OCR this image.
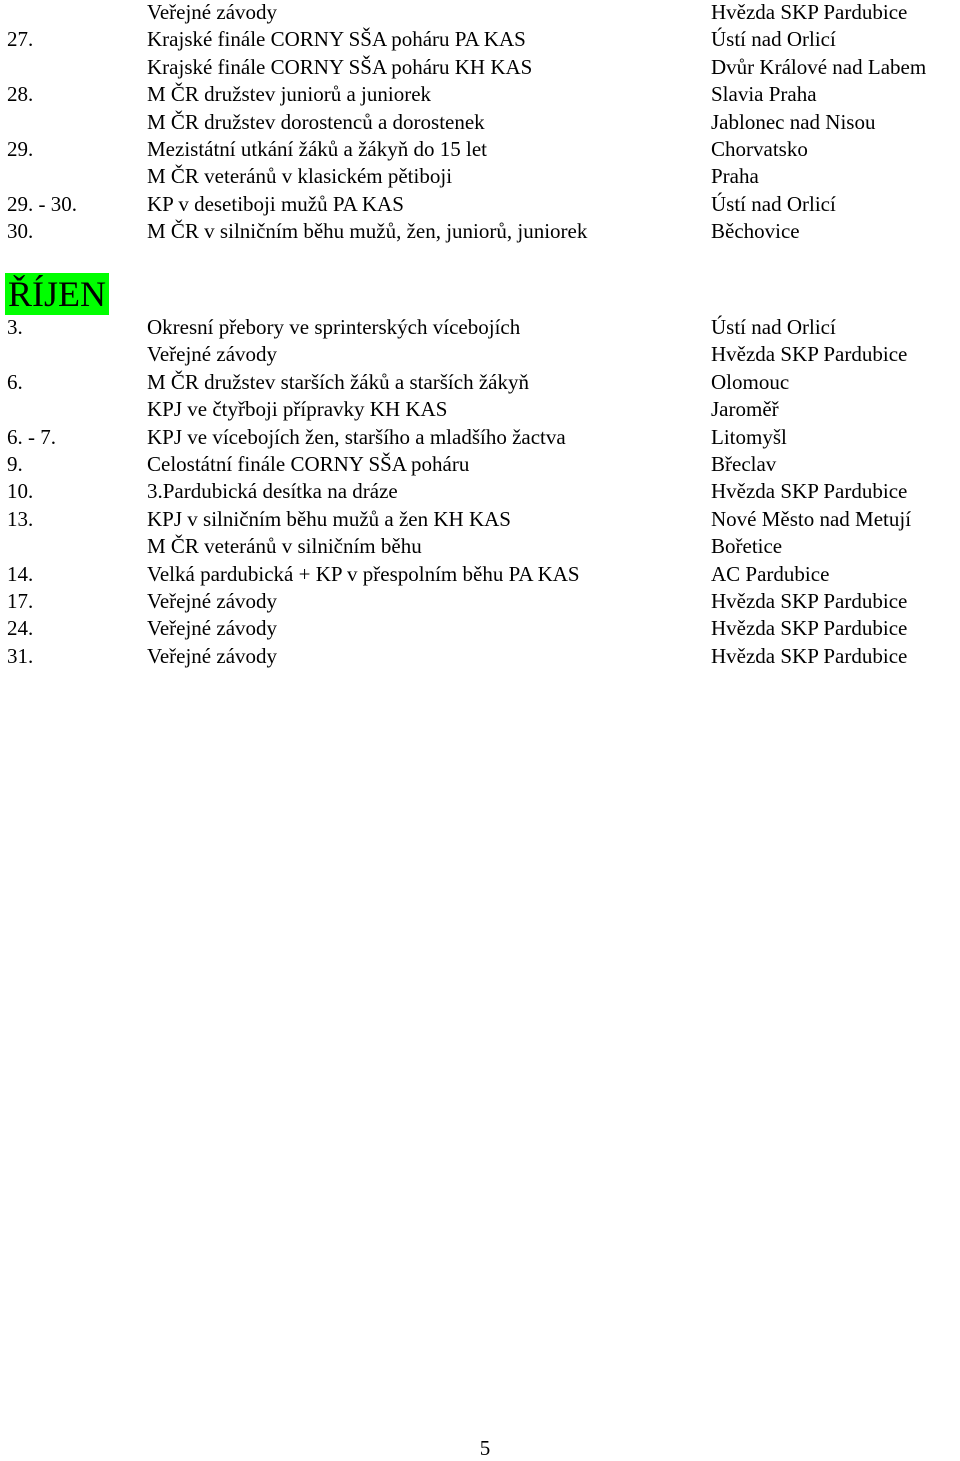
Veřejné závody	Hvězda SKP Pardubice
27.	Krajské finále CORNY SŠA poháru PA KAS	Ústí nad Orlicí
Krajské finále CORNY SŠA poháru KH KAS	Dvůr Králové nad Labem
28.	M ČR družstev juniorů a juniorek	Slavia Praha
M ČR družstev dorostenců a dorostenek	Jablonec nad Nisou
29.	Mezistátní utkání žáků a žákyň do 15 let	Chorvatsko
M ČR veteránů v klasickém pětiboji	Praha
29. - 30.	KP v desetiboji mužů PA KAS	Ústí nad Orlicí
30.	M ČR v silničním běhu mužů, žen, juniorů, juniorek	Běchovice
ŘÍJEN
3.	Okresní přebory ve sprinterských vícebojích	Ústí nad Orlicí
Veřejné závody	Hvězda SKP Pardubice
6.	M ČR družstev starších žáků a starších žákyň	Olomouc
KPJ ve čtyřboji přípravky KH KAS	Jaroměř
6. - 7.	KPJ ve vícebojích žen, staršího a mladšího žactva	Litomyšl
9.	Celostátní finále CORNY SŠA poháru	Břeclav
10.	3.Pardubická desítka na dráze	Hvězda SKP Pardubice
13.	KPJ v silničním běhu mužů a žen KH KAS	Nové Město nad Metují
M ČR veteránů v silničním běhu	Bořetice
14.	Velká pardubická + KP v přespolním běhu PA KAS	AC Pardubice
17.	Veřejné závody	Hvězda SKP Pardubice
24.	Veřejné závody	Hvězda SKP Pardubice
31.	Veřejné závody	Hvězda SKP Pardubice
5
